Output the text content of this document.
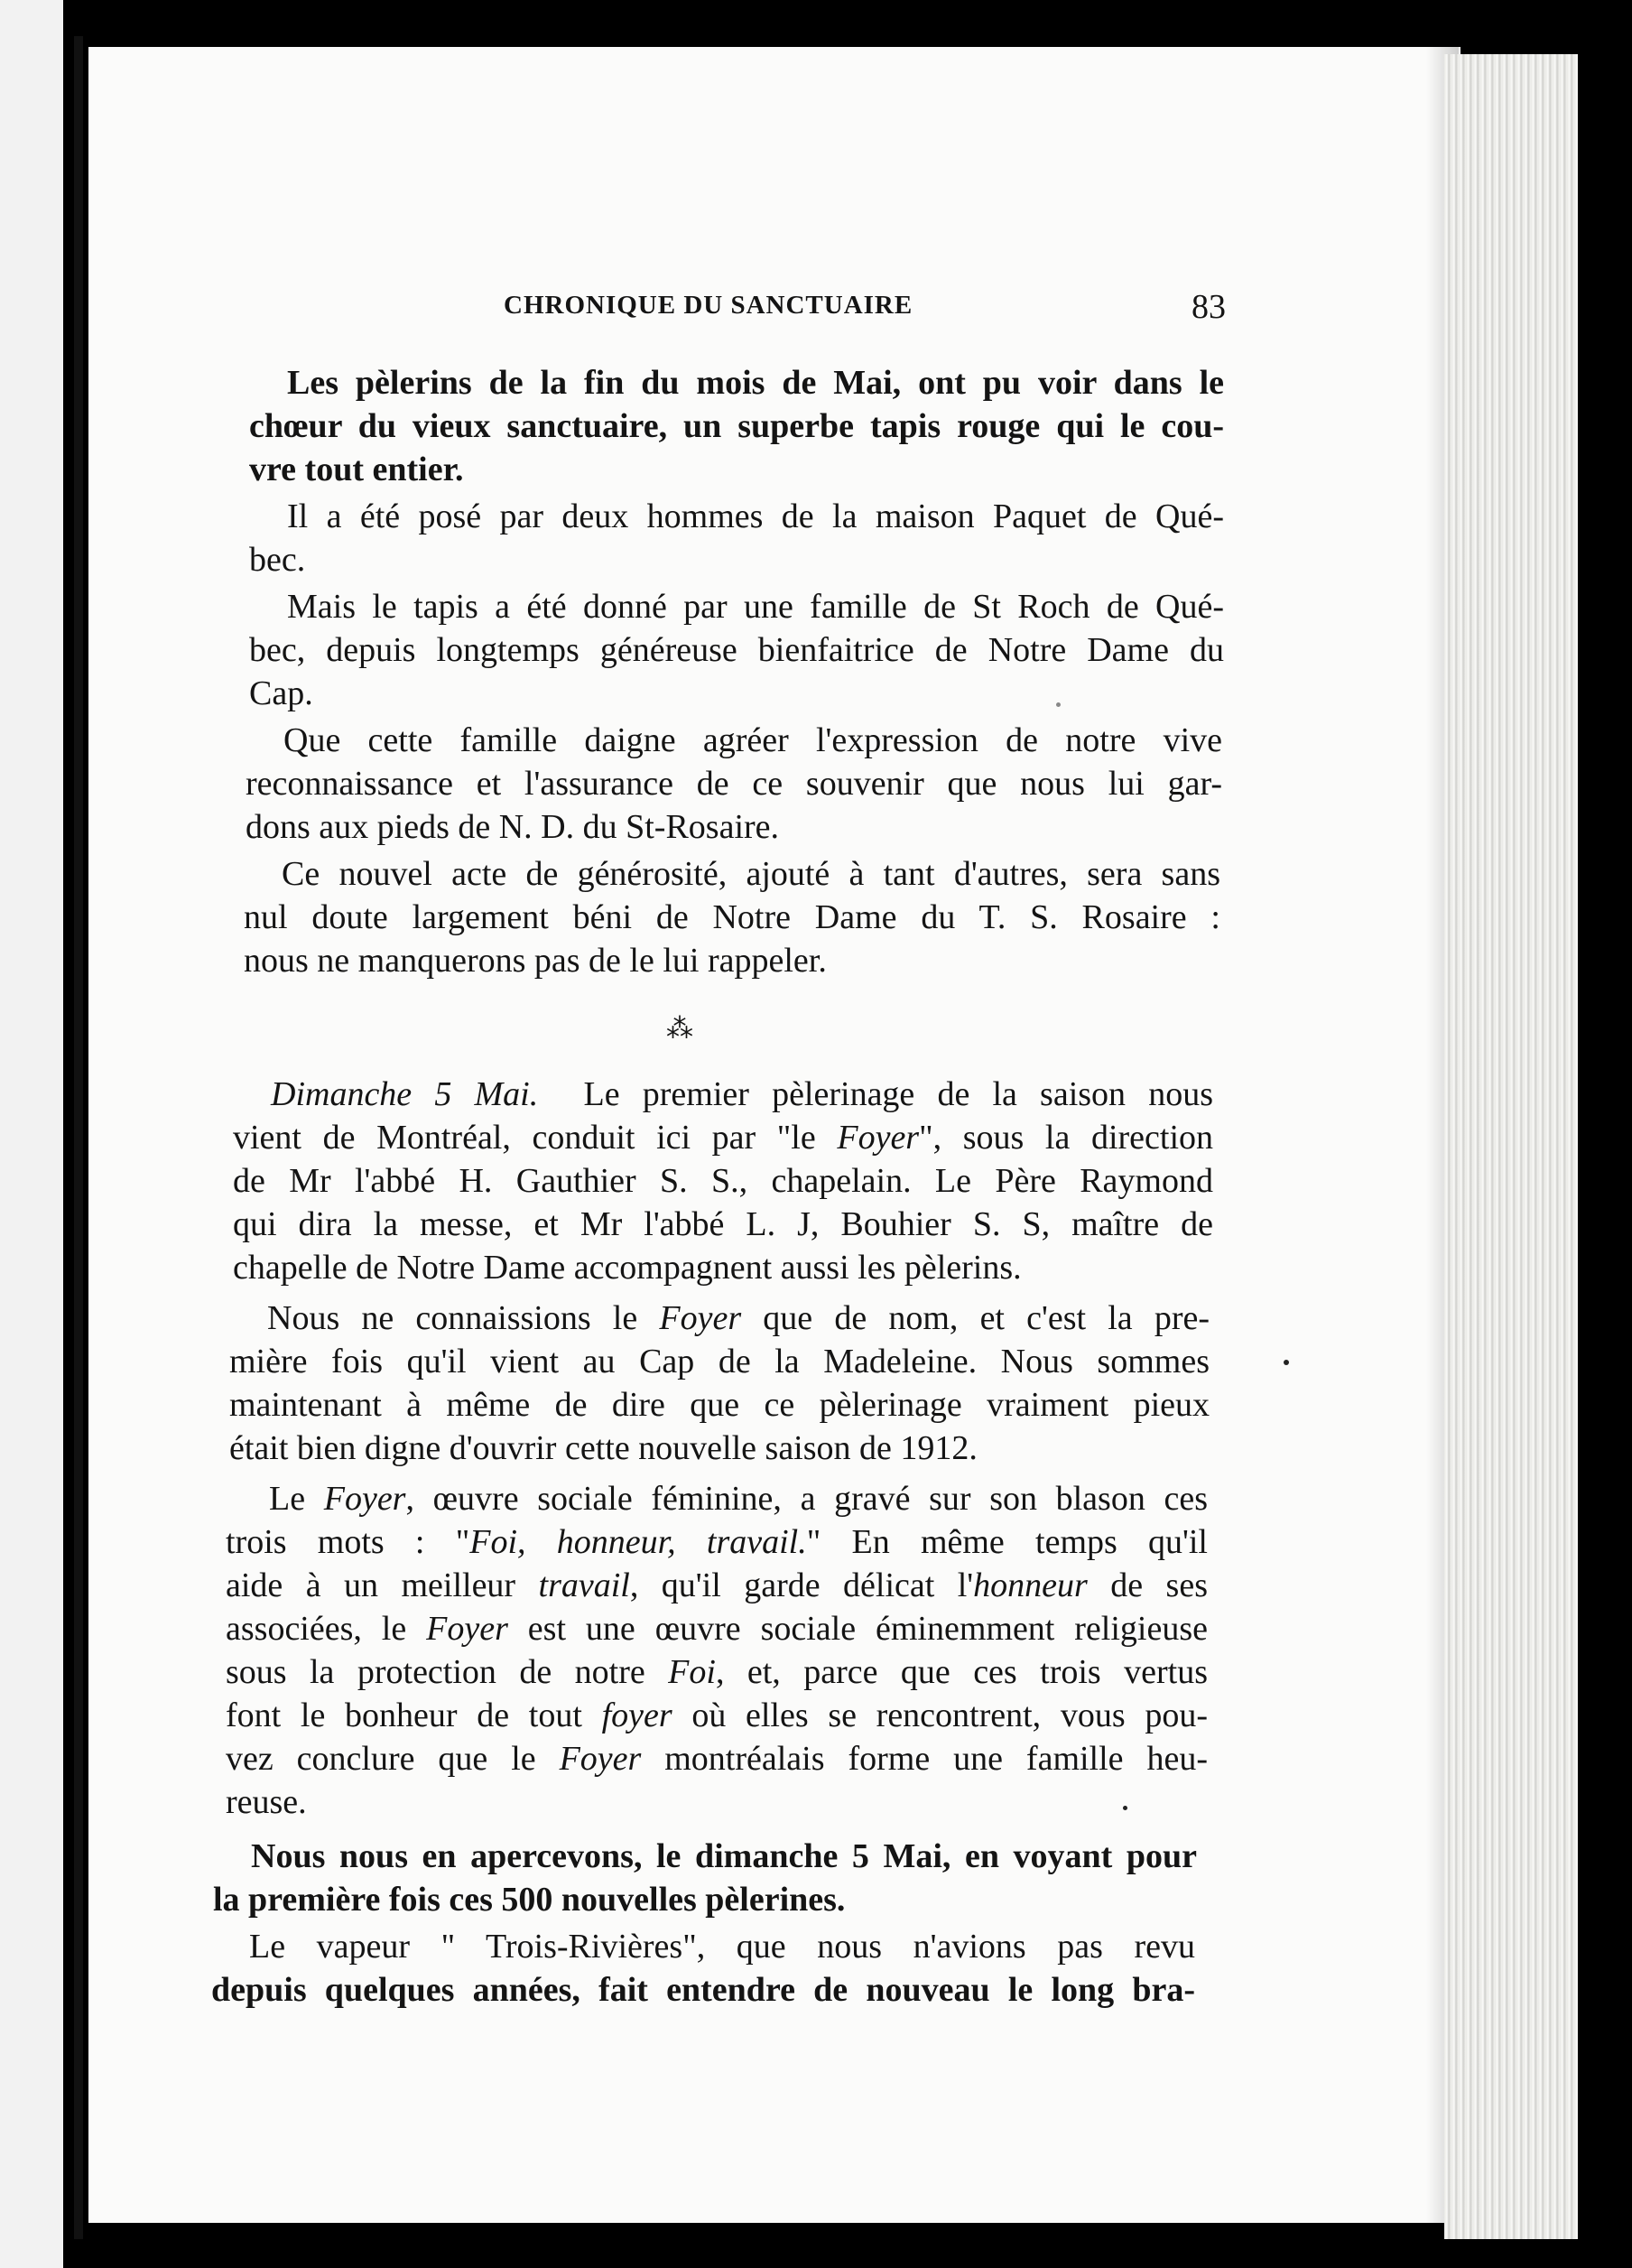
CHRONIQUE DU SANCTUAIRE	83
Les pèlerins de la fin du mois de Mai, ont pu voir dans le
chœur du vieux sanctuaire, un superbe tapis rouge qui le cou-
vre tout entier.
Il a été posé par deux hommes de la maison Paquet de Qué-
bec.
Mais le tapis a été donné par une famille de St Roch de Qué-
bec, depuis longtemps généreuse bienfaitrice de Notre Dame du
Cap.
Que cette famille daigne agréer l'expression de notre vive
reconnaissance et l'assurance de ce souvenir que nous lui gar-
dons aux pieds de N. D. du St-Rosaire.
Ce nouvel acte de générosité, ajouté à tant d'autres, sera sans
nul doute largement béni de Notre Dame du T. S. Rosaire :
nous ne manquerons pas de le lui rappeler.
⁂
Dimanche 5 Mai. Le premier pèlerinage de la saison nous
vient de Montréal, conduit ici par "le Foyer", sous la direction
de Mr l'abbé H. Gauthier S. S., chapelain. Le Père Raymond
qui dira la messe, et Mr l'abbé L. J, Bouhier S. S, maître de
chapelle de Notre Dame accompagnent aussi les pèlerins.
Nous ne connaissions le Foyer que de nom, et c'est la pre-
mière fois qu'il vient au Cap de la Madeleine. Nous sommes
maintenant à même de dire que ce pèlerinage vraiment pieux
était bien digne d'ouvrir cette nouvelle saison de 1912.
Le Foyer, œuvre sociale féminine, a gravé sur son blason ces
trois mots : "Foi, honneur, travail." En même temps qu'il
aide à un meilleur travail, qu'il garde délicat l'honneur de ses
associées, le Foyer est une œuvre sociale éminemment religieuse
sous la protection de notre Foi, et, parce que ces trois vertus
font le bonheur de tout foyer où elles se rencontrent, vous pou-
vez conclure que le Foyer montréalais forme une famille heu-
reuse.
Nous nous en apercevons, le dimanche 5 Mai, en voyant pour
la première fois ces 500 nouvelles pèlerines.
Le vapeur " Trois-Rivières", que nous n'avions pas revu
depuis quelques années, fait entendre de nouveau le long bra-
